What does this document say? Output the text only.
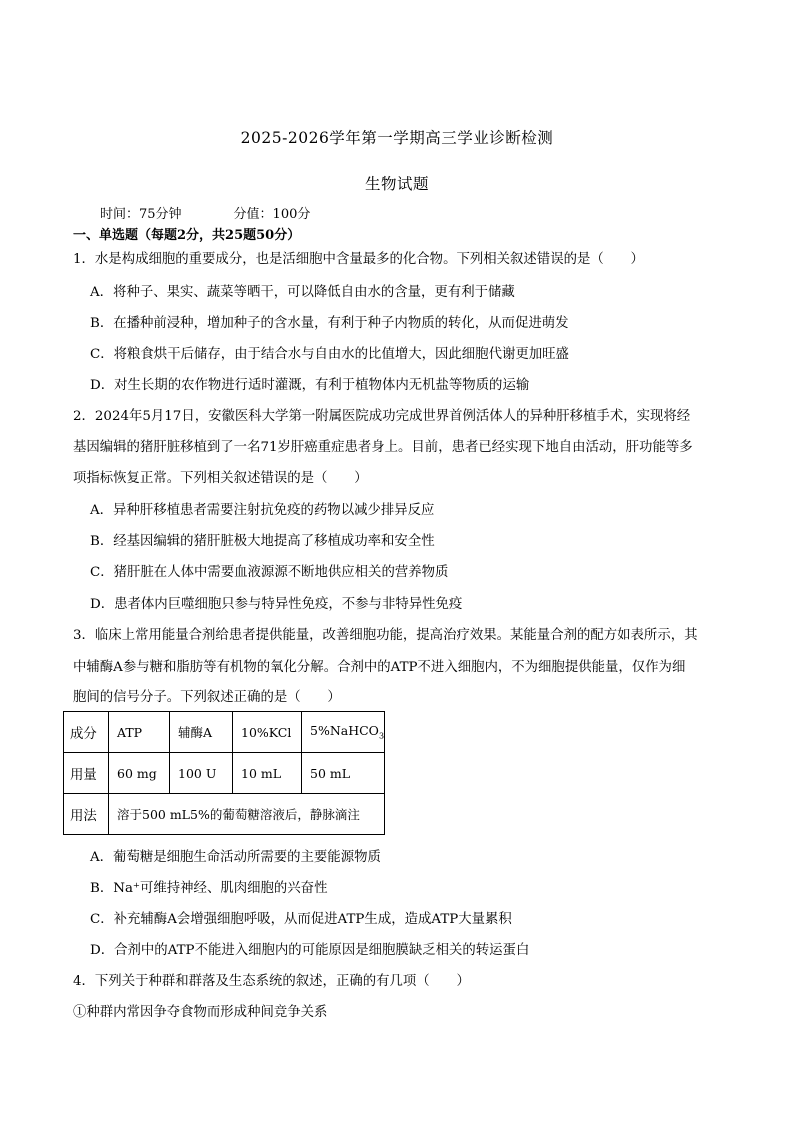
2025-2026学年第一学期高三学业诊断检测
生物试题
时间：75分钟	分值：100分
一、单选题（每题2分，共25题50分）
1．水是构成细胞的重要成分，也是活细胞中含量最多的化合物。下列相关叙述错误的是（　　）
A．将种子、果实、蔬菜等晒干，可以降低自由水的含量，更有利于储藏
B．在播种前浸种，增加种子的含水量，有利于种子内物质的转化，从而促进萌发
C．将粮食烘干后储存，由于结合水与自由水的比值增大，因此细胞代谢更加旺盛
D．对生长期的农作物进行适时灌溉，有利于植物体内无机盐等物质的运输
2．2024年5月17日，安徽医科大学第一附属医院成功完成世界首例活体人的异种肝移植手术，实现将经
基因编辑的猪肝脏移植到了一名71岁肝癌重症患者身上。目前，患者已经实现下地自由活动，肝功能等多
项指标恢复正常。下列相关叙述错误的是（　　）
A．异种肝移植患者需要注射抗免疫的药物以减少排异反应
B．经基因编辑的猪肝脏极大地提高了移植成功率和安全性
C．猪肝脏在人体中需要血液源源不断地供应相关的营养物质
D．患者体内巨噬细胞只参与特异性免疫，不参与非特异性免疫
3．临床上常用能量合剂给患者提供能量，改善细胞功能，提高治疗效果。某能量合剂的配方如表所示，其
中辅酶A参与糖和脂肪等有机物的氧化分解。合剂中的ATP不进入细胞内，不为细胞提供能量，仅作为细
胞间的信号分子。下列叙述正确的是（　　）
成分	ATP	辅酶A	10%KCl	5%NaHCO$_3$
用量	60 mg	100 U	10 mL	50 mL
用法	溶于500 mL5%的葡萄糖溶液后，静脉滴注			
A．葡萄糖是细胞生命活动所需要的主要能源物质
B．Na⁺可维持神经、肌肉细胞的兴奋性
C．补充辅酶A会增强细胞呼吸，从而促进ATP生成，造成ATP大量累积
D．合剂中的ATP不能进入细胞内的可能原因是细胞膜缺乏相关的转运蛋白
4．下列关于种群和群落及生态系统的叙述，正确的有几项（　　）
①种群内常因争夺食物而形成种间竞争关系
